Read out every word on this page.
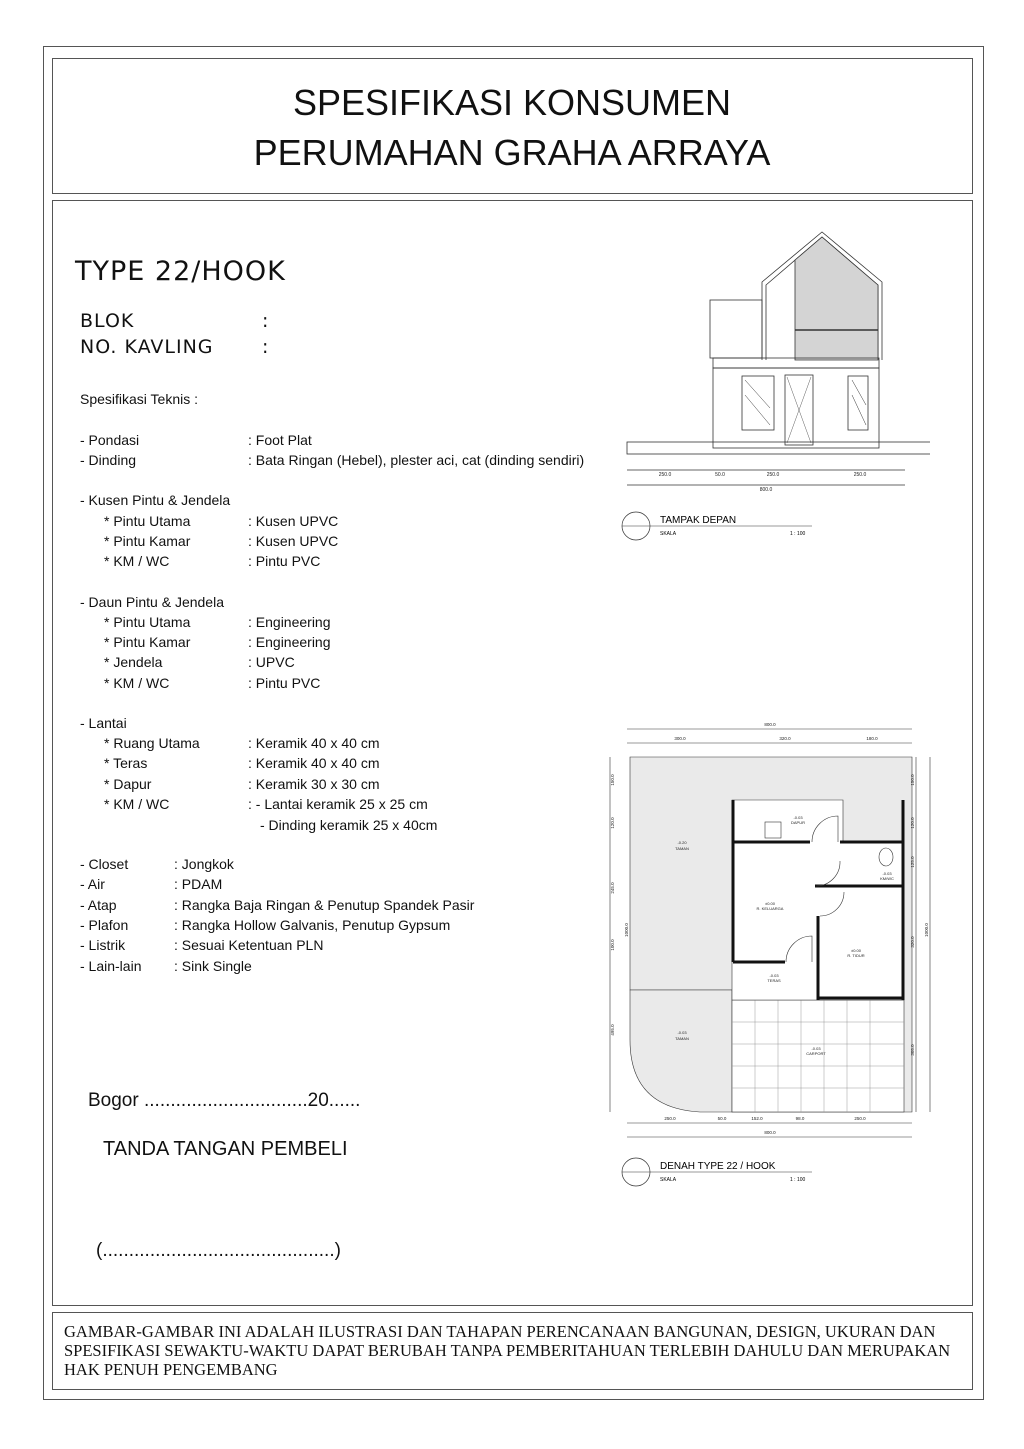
SPESIFIKASI KONSUMEN
PERUMAHAN GRAHA ARRAYA
TYPE 22/HOOK
BLOK	:
NO. KAVLING	:
Spesifikasi Teknis :
- Pondasi	: Foot Plat
- Dinding	: Bata Ringan (Hebel), plester aci, cat (dinding sendiri)
- Kusen Pintu & Jendela
* Pintu Utama	: Kusen UPVC
* Pintu Kamar	: Kusen UPVC
* KM / WC	: Pintu PVC
- Daun Pintu & Jendela
* Pintu Utama	: Engineering
* Pintu Kamar	: Engineering
* Jendela	: UPVC
* KM / WC	: Pintu PVC
- Lantai
* Ruang Utama	: Keramik 40 x 40 cm
* Teras	: Keramik 40 x 40 cm
* Dapur	: Keramik 30 x 30 cm
* KM / WC	: - Lantai keramik 25 x 25 cm
- Dinding keramik 25 x 40cm
- Closet	: Jongkok
- Air	: PDAM
- Atap	: Rangka Baja Ringan & Penutup Spandek Pasir
- Plafon	: Rangka Hollow Galvanis, Penutup Gypsum
- Listrik	: Sesuai Ketentuan PLN
- Lain-lain : Sink Single
Bogor ...............................20......
TANDA TANGAN PEMBELI
(............................................)
250.0	50.0	250.0	250.0
800.0
TAMPAK DEPAN
SKALA	1 : 100
800.0
300.0	320.0	180.0
250.0	50.0	152.0	98.0	250.0
800.0
150.0
120.0
245.0
100.0
495.0
1000.0
150.0
120.0
125.0
320.0
305.0
1000.0
-0.03
DAPUR
-0.20
TAMAN
-0.03
KM/WC
±0.00
R. KELUARGA
±0.00
R. TIDUR
-0.03
TERAS
-0.03
TAMAN
-0.03
CARPORT
DENAH TYPE 22 / HOOK
SKALA	1 : 100
GAMBAR-GAMBAR INI ADALAH ILUSTRASI DAN TAHAPAN PERENCANAAN BANGUNAN, DESIGN, UKURAN DAN SPESIFIKASI SEWAKTU-WAKTU DAPAT BERUBAH TANPA PEMBERITAHUAN TERLEBIH DAHULU DAN MERUPAKAN HAK PENUH PENGEMBANG
